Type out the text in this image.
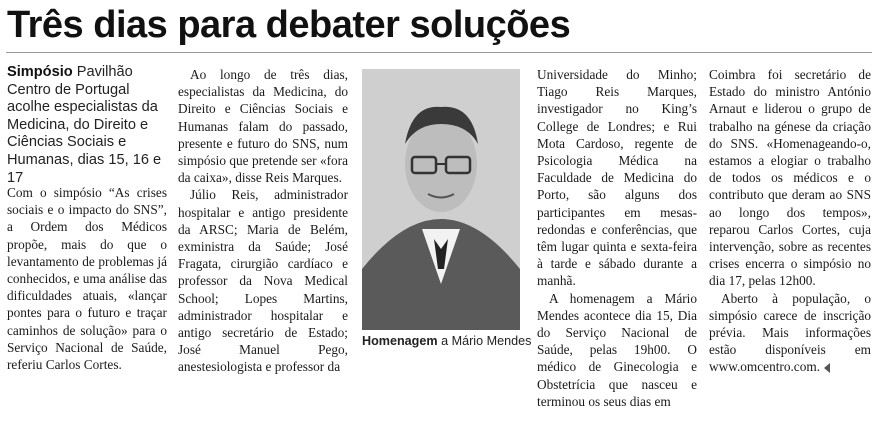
Três dias para debater soluções
Simpósio Pavilhão Centro de Portugal acolhe especialistas da Medicina, do Direito e Ciências Sociais e Humanas, dias 15, 16 e 17

Com o simpósio “As crises sociais e o impacto do SNS”, a Ordem dos Médicos propõe, mais do que o levantamento de problemas já conhecidos, e uma análise das dificuldades atuais, «lançar pontes para o futuro e traçar caminhos de solução» para o Serviço Nacional de Saúde, referiu Carlos Cortes.

Ao longo de três dias, especialistas da Medicina, do Direito e Ciências Sociais e Humanas falam do passado, presente e futuro do SNS, num simpósio que pretende ser «fora da caixa», disse Reis Marques.

Júlio Reis, administrador hospitalar e antigo presidente da ARSC; Maria de Belém, exministra da Saúde; José Fragata, cirurgião cardíaco e professor da Nova Medical School; Lopes Martins, administrador hospitalar e antigo secretário de Estado; José Manuel Pego, anestesiologista e professor da

Homenagem a Mário Mendes

Universidade do Minho; Tiago Reis Marques, investigador no King’s College de Londres; e Rui Mota Cardoso, regente de Psicologia Médica na Faculdade de Medicina do Porto, são alguns dos participantes em mesas-redondas e conferências, que têm lugar quinta e sexta-feira à tarde e sábado durante a manhã.

A homenagem a Mário Mendes acontece dia 15, Dia do Serviço Nacional de Saúde, pelas 19h00. O médico de Ginecologia e Obstetrícia que nasceu e terminou os seus dias em

Coimbra foi secretário de Estado do ministro António Arnaut e liderou o grupo de trabalho na génese da criação do SNS. «Homenageando-o, estamos a elogiar o trabalho de todos os médicos e o contributo que deram ao SNS ao longo dos tempos», reparou Carlos Cortes, cuja intervenção, sobre as recentes crises encerra o simpósio no dia 17, pelas 12h00.

Aberto à população, o simpósio carece de inscrição prévia. Mais informações estão disponíveis em www.omcentro.com.
